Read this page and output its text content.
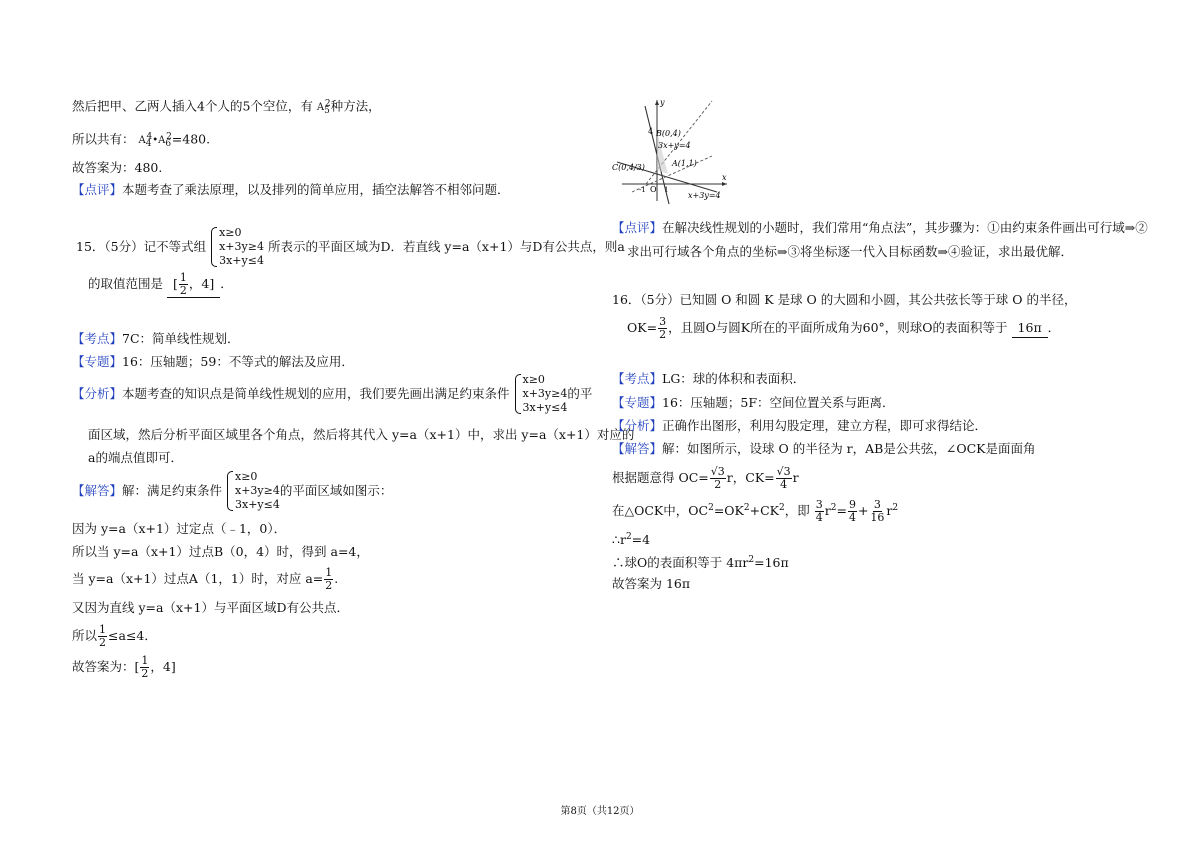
然后把甲、乙两人插入4个人的5个空位，有 A52种方法，
所以共有： A44•A62=480.
故答案为：480.
【点评】本题考查了乘法原理，以及排列的简单应用，插空法解答不相邻问题．
15．（5分）记不等式组
x≥0
x+3y≥4
3x+y≤4
所表示的平面区域为D．若直线 y=a（x+1）与D有公共点，则a
的取值范围是 [ $\frac{1}{2}$ ，4] ．
【考点】7C：简单线性规划．
【专题】16：压轴题；59：不等式的解法及应用．
【分析】本题考查的知识点是简单线性规划的应用，我们要先画出满足约束条件
x≥0
x+3y≥4
3x+y≤4
的平
面区域，然后分析平面区域里各个角点，然后将其代入 y=a（x+1）中，求出 y=a（x+1）对应的
a的端点值即可．
【解答】解：满足约束条件
x≥0
x+3y≥4
3x+y≤4
的平面区域如图示：
因为 y=a（x+1）过定点（﹣1，0）．
所以当 y=a（x+1）过点B（0，4）时，得到 a=4，
当 y=a（x+1）过点A（1，1）时，对应 $a= \frac{1}{2}$ .
又因为直线 y=a（x+1）与平面区域D有公共点．
所以 $\frac{1}{2} \le a\le 4$．
故答案为：[ $\frac{1}{2}$ ，4]
y
4 B(0,4)
3x+y=4
A(1,1)
C(0,4/3)
O
x
x+3y=4
1
-1
【点评】在解决线性规划的小题时，我们常用“角点法”，其步骤为：①由约束条件画出可行域⇒②
求出可行域各个角点的坐标⇒③将坐标逐一代入目标函数⇒④验证，求出最优解．
16．（5分）已知圆 O 和圆 K 是球 O 的大圆和小圆，其公共弦长等于球 O 的半径，
$OK= \frac{3}{2}$ ，且圆O与圆K所在的平面所成角为60°，则球O的表面积等于 16π ．
【考点】LG：球的体积和表面积．
【专题】16：压轴题；5F：空间位置关系与距离．
【分析】正确作出图形，利用勾股定理，建立方程，即可求得结论．
【解答】解：如图所示，设球 O 的半径为 r，AB是公共弦，∠OCK是面面角
根据题意得 $OC= \frac{√3}{2}$ r，$CK= \frac{√3}{4}$ r
在△OCK中，$OC^2=OK^2+CK^2$，即 $\frac{3}{4} r^2= \frac{9}{4} + \frac{3}{16} r^2$
$\therefore r^2=4$
∴球O的表面积等于 $4\pi r^2=16\pi$
故答案为 16π
第8页（共12页）
